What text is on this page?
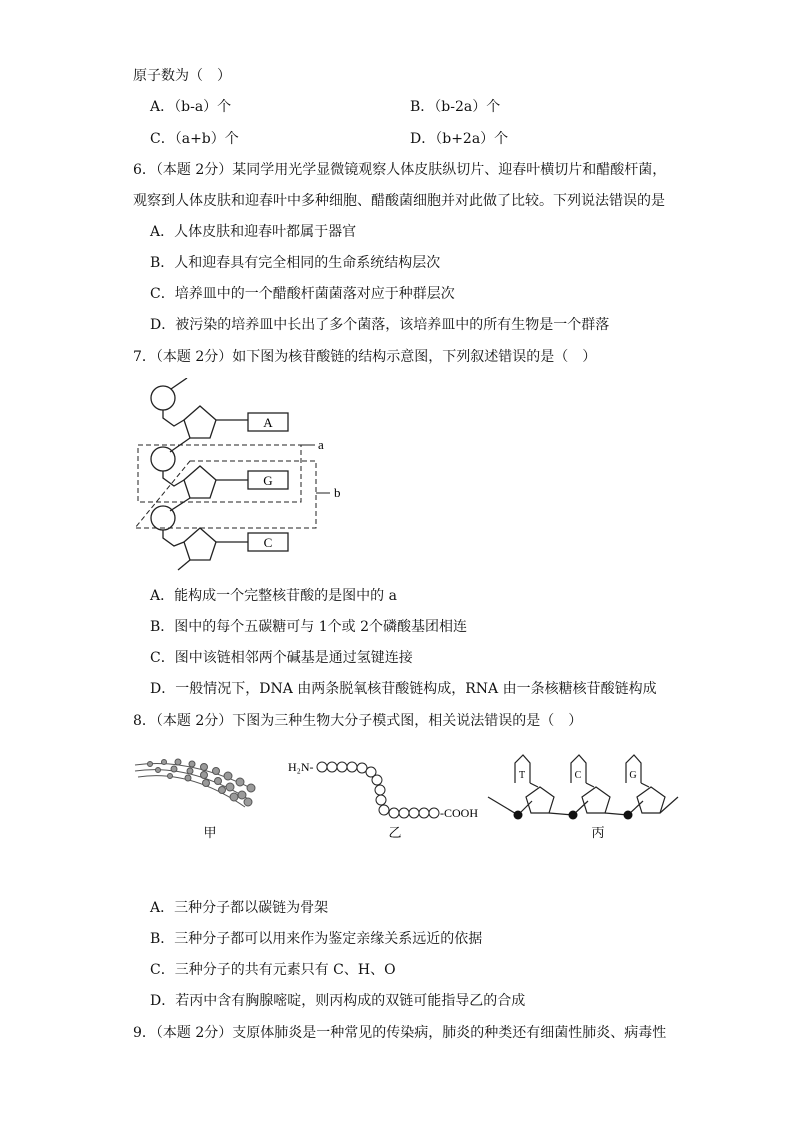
原子数为（　）
A．（b-a）个	B．（b-2a）个
C．（a+b）个	D．（b+2a）个
6．（本题 2分）某同学用光学显微镜观察人体皮肤纵切片、迎春叶横切片和醋酸杆菌，
观察到人体皮肤和迎春叶中多种细胞、醋酸菌细胞并对此做了比较。下列说法错误的是
A．人体皮肤和迎春叶都属于器官
B．人和迎春具有完全相同的生命系统结构层次
C．培养皿中的一个醋酸杆菌菌落对应于种群层次
D．被污染的培养皿中长出了多个菌落，该培养皿中的所有生物是一个群落
7．（本题 2分）如下图为核苷酸链的结构示意图，下列叙述错误的是（　）
A
G
C
a
b
A．能构成一个完整核苷酸的是图中的 a
B．图中的每个五碳糖可与 1个或 2个磷酸基团相连
C．图中该链相邻两个碱基是通过氢键连接
D．一般情况下，DNA 由两条脱氧核苷酸链构成，RNA 由一条核糖核苷酸链构成
8．（本题 2分）下图为三种生物大分子模式图，相关说法错误的是（　）
H₂N-
-COOH
T	C	G
甲	乙	丙
A．三种分子都以碳链为骨架
B．三种分子都可以用来作为鉴定亲缘关系远近的依据
C．三种分子的共有元素只有 C、H、O
D．若丙中含有胸腺嘧啶，则丙构成的双链可能指导乙的合成
9．（本题 2分）支原体肺炎是一种常见的传染病，肺炎的种类还有细菌性肺炎、病毒性
